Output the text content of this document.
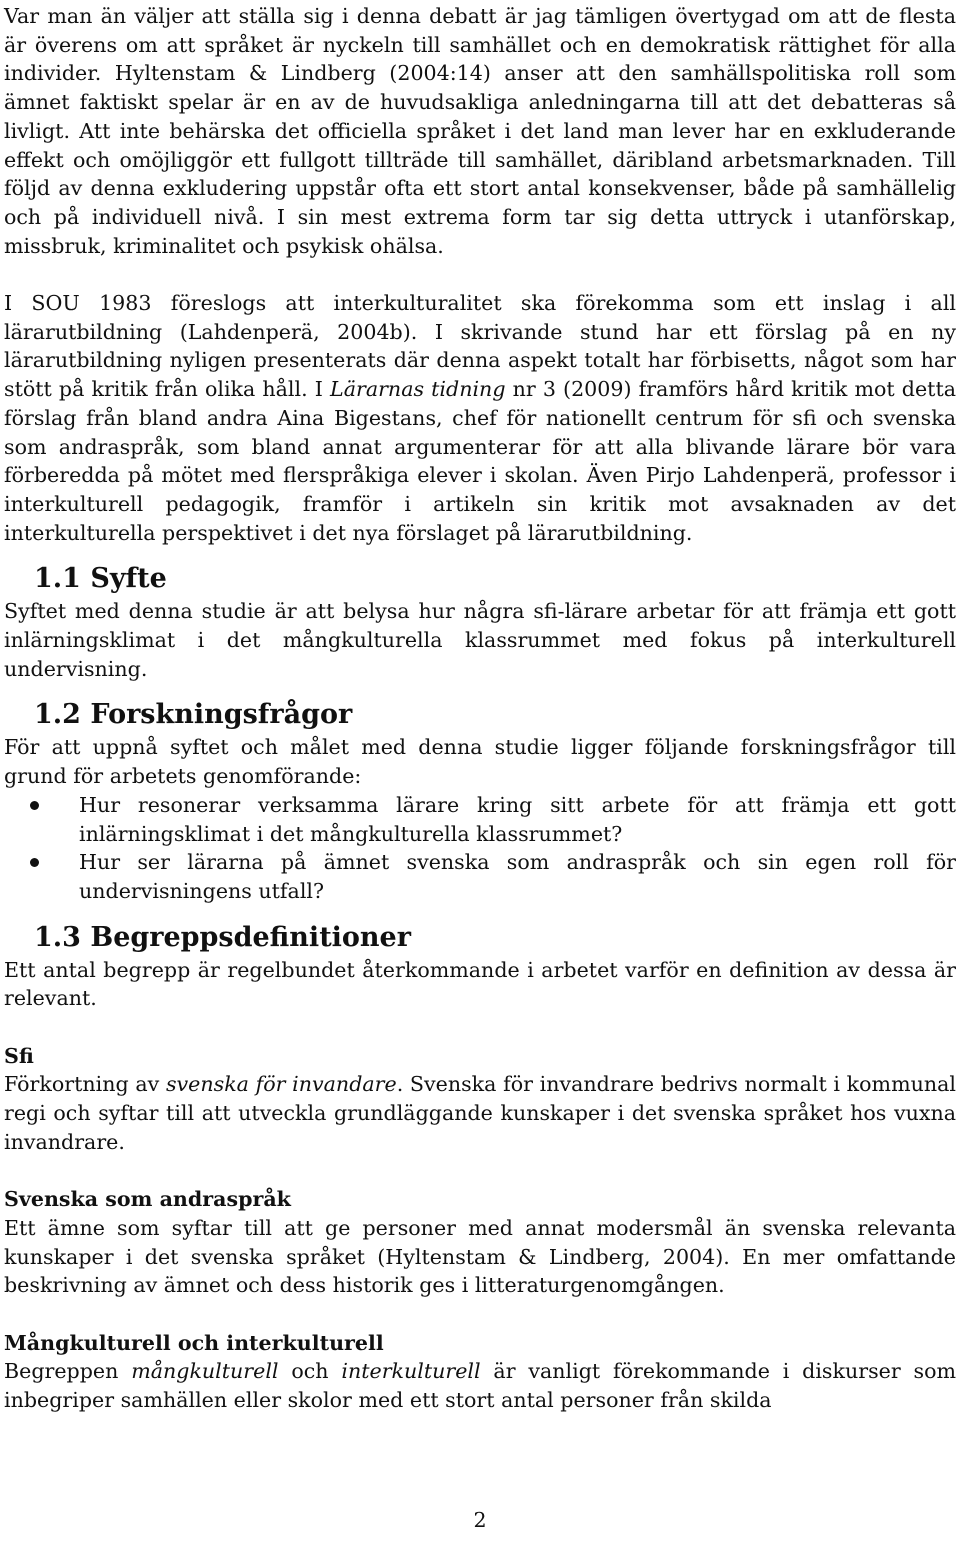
Var man än väljer att ställa sig i denna debatt är jag tämligen övertygad om att de flesta är överens om att språket är nyckeln till samhället och en demokratisk rättighet för alla individer. Hyltenstam & Lindberg (2004:14) anser att den samhällspolitiska roll som ämnet faktiskt spelar är en av de huvudsakliga anledningarna till att det debatteras så livligt. Att inte behärska det officiella språket i det land man lever har en exkluderande effekt och omöjliggör ett fullgott tillträde till samhället, däribland arbetsmarknaden. Till följd av denna exkludering uppstår ofta ett stort antal konsekvenser, både på samhällelig och på individuell nivå. I sin mest extrema form tar sig detta uttryck i utanförskap, missbruk, kriminalitet och psykisk ohälsa.

I SOU 1983 föreslogs att interkulturalitet ska förekomma som ett inslag i all lärarutbildning (Lahdenperä, 2004b). I skrivande stund har ett förslag på en ny lärarutbildning nyligen presenterats där denna aspekt totalt har förbisetts, något som har stött på kritik från olika håll. I Lärarnas tidning nr 3 (2009) framförs hård kritik mot detta förslag från bland andra Aina Bigestans, chef för nationellt centrum för sfi och svenska som andraspråk, som bland annat argumenterar för att alla blivande lärare bör vara förberedda på mötet med flerspråkiga elever i skolan. Även Pirjo Lahdenperä, professor i interkulturell pedagogik, framför i artikeln sin kritik mot avsaknaden av det interkulturella perspektivet i det nya förslaget på lärarutbildning.

1.1 Syfte

Syftet med denna studie är att belysa hur några sfi-lärare arbetar för att främja ett gott inlärningsklimat i det mångkulturella klassrummet med fokus på interkulturell undervisning.

1.2 Forskningsfrågor

För att uppnå syftet och målet med denna studie ligger följande forskningsfrågor till grund för arbetets genomförande:

Hur resonerar verksamma lärare kring sitt arbete för att främja ett gott inlärningsklimat i det mångkulturella klassrummet?
Hur ser lärarna på ämnet svenska som andraspråk och sin egen roll för undervisningens utfall?
1.3 Begreppsdefinitioner

Ett antal begrepp är regelbundet återkommande i arbetet varför en definition av dessa är relevant.

Sfi

Förkortning av svenska för invandare. Svenska för invandrare bedrivs normalt i kommunal regi och syftar till att utveckla grundläggande kunskaper i det svenska språket hos vuxna invandrare.

Svenska som andraspråk

Ett ämne som syftar till att ge personer med annat modersmål än svenska relevanta kunskaper i det svenska språket (Hyltenstam & Lindberg, 2004). En mer omfattande beskrivning av ämnet och dess historik ges i litteraturgenomgången.

Mångkulturell och interkulturell

Begreppen mångkulturell och interkulturell är vanligt förekommande i diskurser som inbegriper samhällen eller skolor med ett stort antal personer från skilda

2
